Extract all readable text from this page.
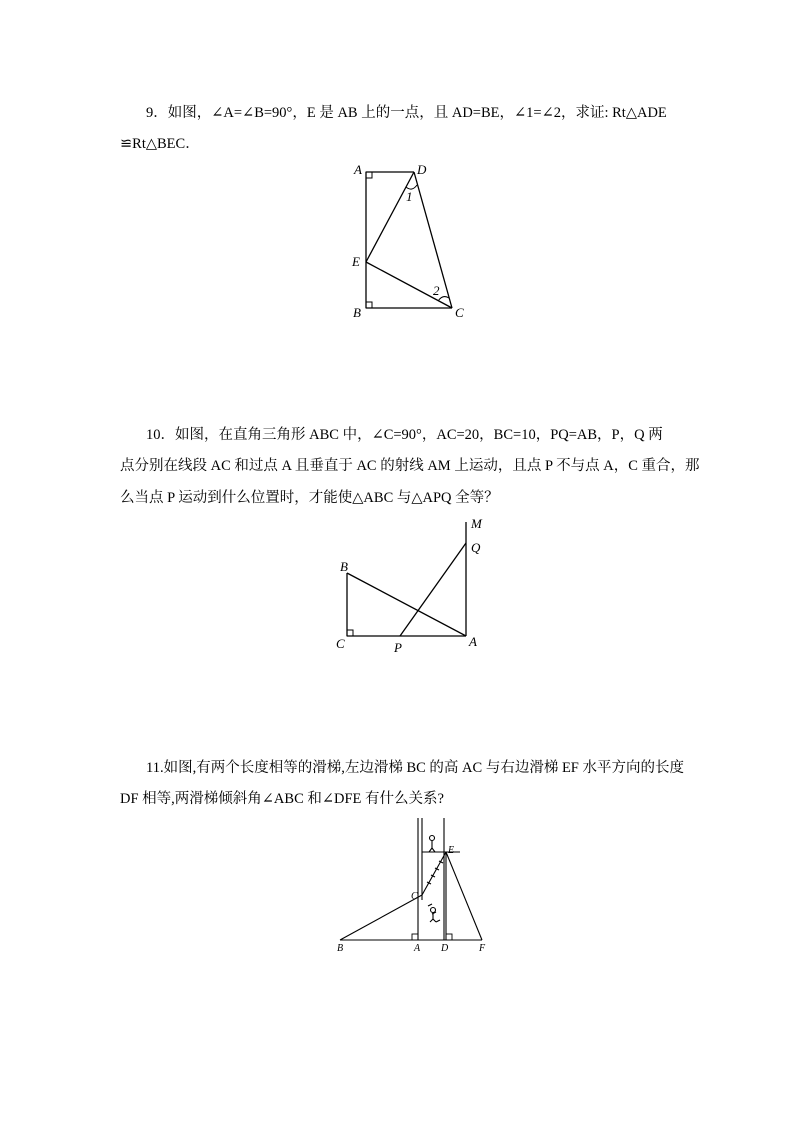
9．如图，∠A=∠B=90°，E 是 AB 上的一点，且 AD=BE，∠1=∠2，求证: Rt△ADE
≌Rt△BEC．
A	D
E
B	C
1
2
10．如图，在直角三角形 ABC 中，∠C=90°，AC=20，BC=10，PQ=AB，P，Q 两
点分别在线段 AC 和过点 A 且垂直于 AC 的射线 AM 上运动，且点 P 不与点 A，C 重合，那
么当点 P 运动到什么位置时，才能使△ABC 与△APQ 全等？
M
Q
B
C	P	A
11.如图,有两个长度相等的滑梯,左边滑梯 BC 的高 AC 与右边滑梯 EF 水平方向的长度
DF 相等,两滑梯倾斜角∠ABC 和∠DFE 有什么关系?
E
C
B	A D	F
